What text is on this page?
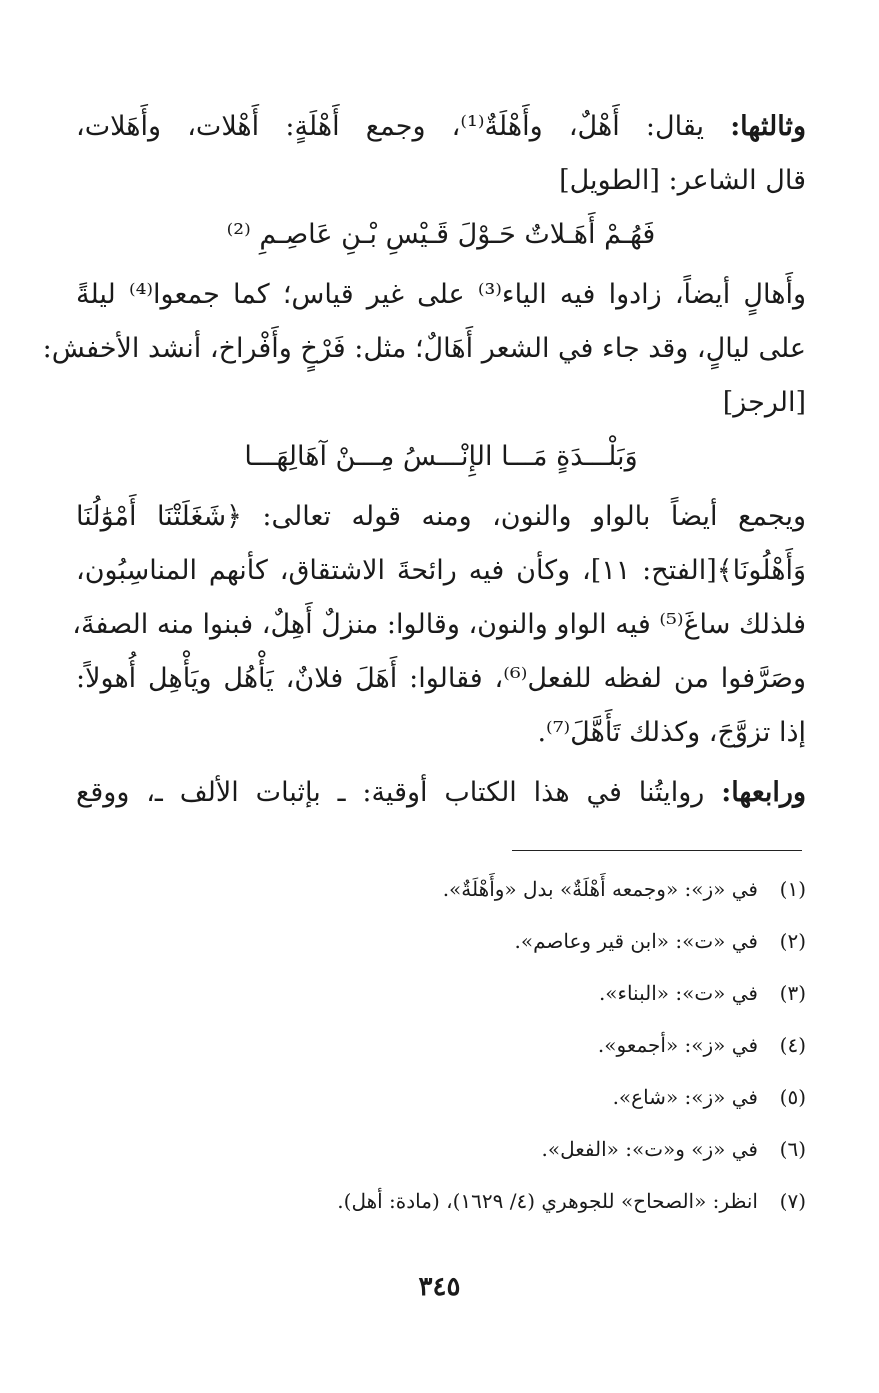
وثالثها: يقال: أَهْلٌ، وأَهْلَةٌ⁽¹⁾، وجمع أَهْلَةٍ: أَهْلات، وأَهَلات،
قال الشاعر: [الطويل]
فَهُـمْ أَهَـلاتٌ حَـوْلَ قَـيْسِ بْـنِ عَاصِـمِ ⁽²⁾
وأَهالٍ أيضاً، زادوا فيه الياء⁽³⁾ على غير قياس؛ كما جمعوا⁽⁴⁾ ليلةً
على ليالٍ، وقد جاء في الشعر أَهَالٌ؛ مثل: فَرْخٍ وأَفْراخ، أنشد الأخفش:
[الرجز]
وَبَلْـــدَةٍ مَـــا الإِنْـــسُ مِـــنْ آهَالِهَـــا
ويجمع أيضاً بالواو والنون، ومنه قوله تعالى: ﴿شَغَلَتْنَا أَمْوَٰلُنَا
وَأَهْلُونَا﴾[الفتح: ١١]، وكأن فيه رائحةَ الاشتقاق، كأنهم المناسِبُون،
فلذلك ساغَ⁽⁵⁾ فيه الواو والنون، وقالوا: منزلٌ أَهِلٌ، فبنوا منه الصفةَ،
وصَرَّفوا من لفظه للفعل⁽⁶⁾، فقالوا: أَهَلَ فلانٌ، يَأْهُل ويَأْهِل أُهولاً:
إذا تزوَّجَ، وكذلك تَأَهَّلَ⁽⁷⁾.
ورابعها: روايتُنا في هذا الكتاب أوقية: ـ بإثبات الألف ـ، ووقع
(١)
في «ز»: «وجمعه أَهْلَةٌ» بدل «وأَهْلَةٌ».
(٢)
في «ت»: «ابن قير وعاصم».
(٣)
في «ت»: «البناء».
(٤)
في «ز»: «أجمعو».
(٥)
في «ز»: «شاع».
(٦)
في «ز» و«ت»: «الفعل».
(٧)
انظر: «الصحاح» للجوهري (٤/ ١٦٢٩)، (مادة: أهل).
٣٤٥
